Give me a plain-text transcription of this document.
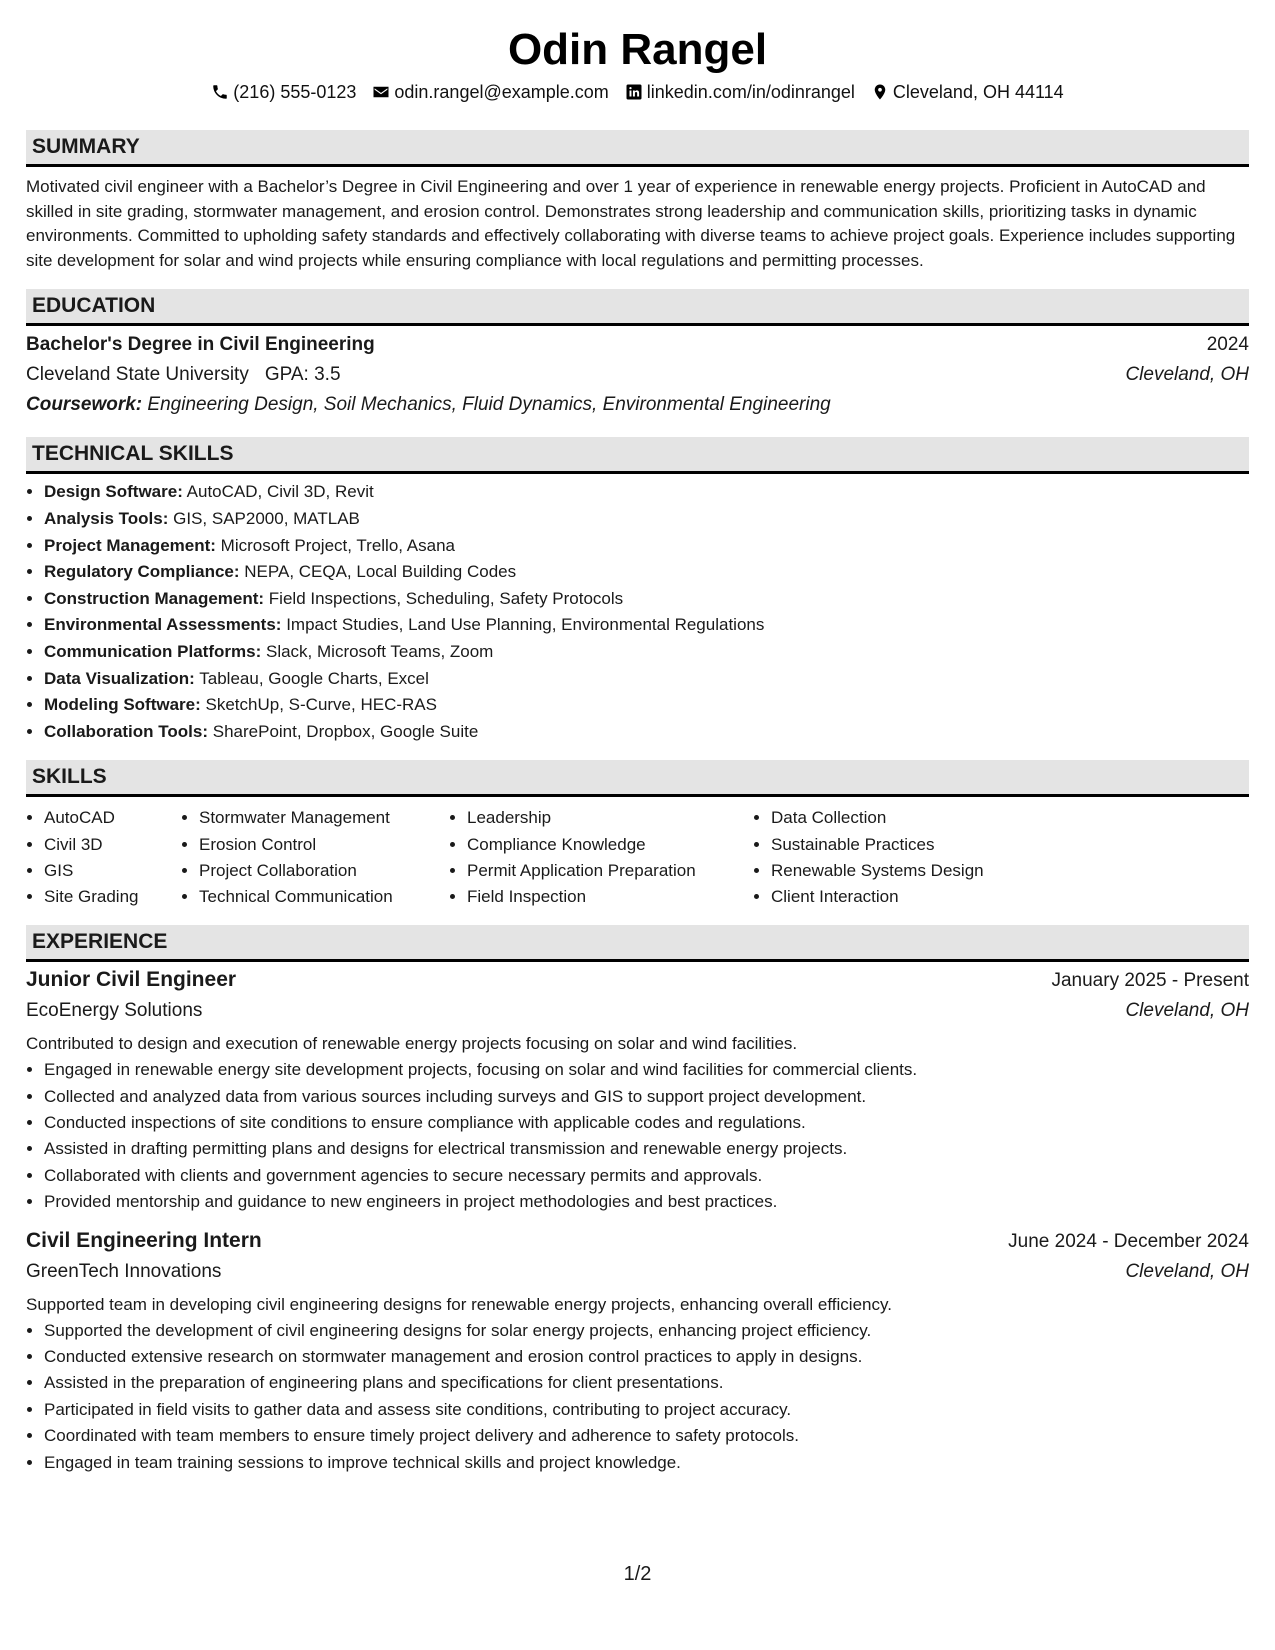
Odin Rangel
(216) 555-0123 odin.rangel@example.com linkedin.com/in/odinrangel Cleveland, OH 44114
SUMMARY
Motivated civil engineer with a Bachelor’s Degree in Civil Engineering and over 1 year of experience in renewable energy projects. Proficient in AutoCAD and skilled in site grading, stormwater management, and erosion control. Demonstrates strong leadership and communication skills, prioritizing tasks in dynamic environments. Committed to upholding safety standards and effectively collaborating with diverse teams to achieve project goals. Experience includes supporting site development for solar and wind projects while ensuring compliance with local regulations and permitting processes.
EDUCATION
Bachelor's Degree in Civil Engineering	2024
Cleveland State University GPA: 3.5	Cleveland, OH
Coursework: Engineering Design, Soil Mechanics, Fluid Dynamics, Environmental Engineering
TECHNICAL SKILLS
• Design Software: AutoCAD, Civil 3D, Revit
• Analysis Tools: GIS, SAP2000, MATLAB
• Project Management: Microsoft Project, Trello, Asana
• Regulatory Compliance: NEPA, CEQA, Local Building Codes
• Construction Management: Field Inspections, Scheduling, Safety Protocols
• Environmental Assessments: Impact Studies, Land Use Planning, Environmental Regulations
• Communication Platforms: Slack, Microsoft Teams, Zoom
• Data Visualization: Tableau, Google Charts, Excel
• Modeling Software: SketchUp, S-Curve, HEC-RAS
• Collaboration Tools: SharePoint, Dropbox, Google Suite
SKILLS
• AutoCAD
• Civil 3D
• GIS
• Site Grading
• Stormwater Management
• Erosion Control
• Project Collaboration
• Technical Communication
• Leadership
• Compliance Knowledge
• Permit Application Preparation
• Field Inspection
• Data Collection
• Sustainable Practices
• Renewable Systems Design
• Client Interaction
EXPERIENCE
Junior Civil Engineer	January 2025 - Present
EcoEnergy Solutions	Cleveland, OH
Contributed to design and execution of renewable energy projects focusing on solar and wind facilities.
• Engaged in renewable energy site development projects, focusing on solar and wind facilities for commercial clients.
• Collected and analyzed data from various sources including surveys and GIS to support project development.
• Conducted inspections of site conditions to ensure compliance with applicable codes and regulations.
• Assisted in drafting permitting plans and designs for electrical transmission and renewable energy projects.
• Collaborated with clients and government agencies to secure necessary permits and approvals.
• Provided mentorship and guidance to new engineers in project methodologies and best practices.
Civil Engineering Intern	June 2024 - December 2024
GreenTech Innovations	Cleveland, OH
Supported team in developing civil engineering designs for renewable energy projects, enhancing overall efficiency.
• Supported the development of civil engineering designs for solar energy projects, enhancing project efficiency.
• Conducted extensive research on stormwater management and erosion control practices to apply in designs.
• Assisted in the preparation of engineering plans and specifications for client presentations.
• Participated in field visits to gather data and assess site conditions, contributing to project accuracy.
• Coordinated with team members to ensure timely project delivery and adherence to safety protocols.
• Engaged in team training sessions to improve technical skills and project knowledge.
1/2
